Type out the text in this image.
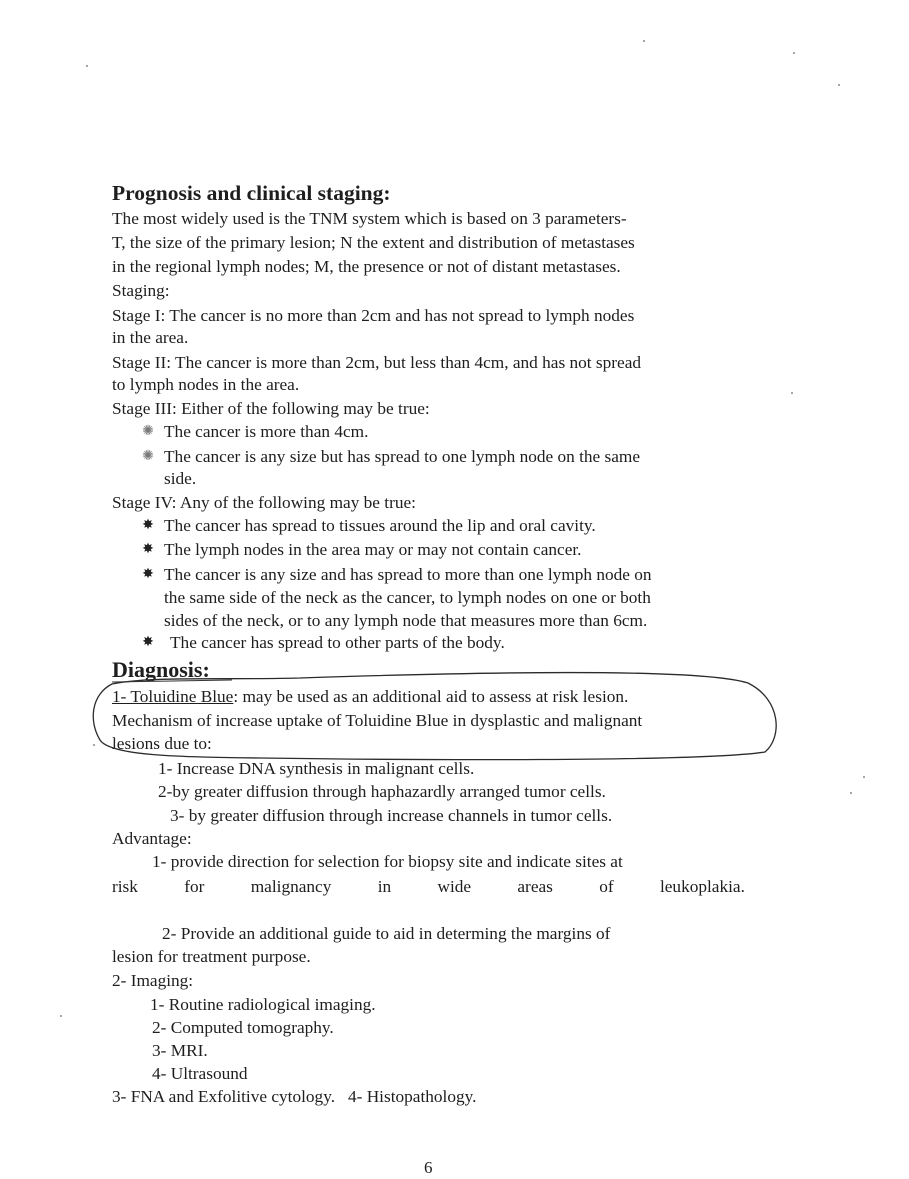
Prognosis and clinical staging:
The most widely used is the TNM system which is based on 3 parameters-
T, the size of the primary lesion; N the extent and distribution of metastases
in the regional lymph nodes; M, the presence or not of distant metastases.
Staging:
Stage I: The cancer is no more than 2cm and has not spread to lymph nodes
in the area.
Stage II: The cancer is more than 2cm, but less than 4cm, and has not spread
to lymph nodes in the area.
Stage III: Either of the following may be true:
✺ The cancer is more than 4cm.
✺ The cancer is any size but has spread to one lymph node on the same
side.
Stage IV: Any of the following may be true:
✸ The cancer has spread to tissues around the lip and oral cavity.
✸ The lymph nodes in the area may or may not contain cancer.
✸ The cancer is any size and has spread to more than one lymph node on
the same side of the neck as the cancer, to lymph nodes on one or both
sides of the neck, or to any lymph node that measures more than 6cm.
✸ The cancer has spread to other parts of the body.
Diagnosis:
1- Toluidine Blue: may be used as an additional aid to assess at risk lesion.
Mechanism of increase uptake of Toluidine Blue in dysplastic and malignant
lesions due to:
1- Increase DNA synthesis in malignant cells.
2-by greater diffusion through haphazardly arranged tumor cells.
3- by greater diffusion through increase channels in tumor cells.
Advantage:
1- provide direction for selection for biopsy site and indicate sites at
risk	for	malignancy	in	wide	areas	of	leukoplakia.
2- Provide an additional guide to aid in determing the margins of
lesion for treatment purpose.
2- Imaging:
1- Routine radiological imaging.
2- Computed tomography.
3- MRI.
4- Ultrasound
3- FNA and Exfolitive cytology.   4- Histopathology.
6
